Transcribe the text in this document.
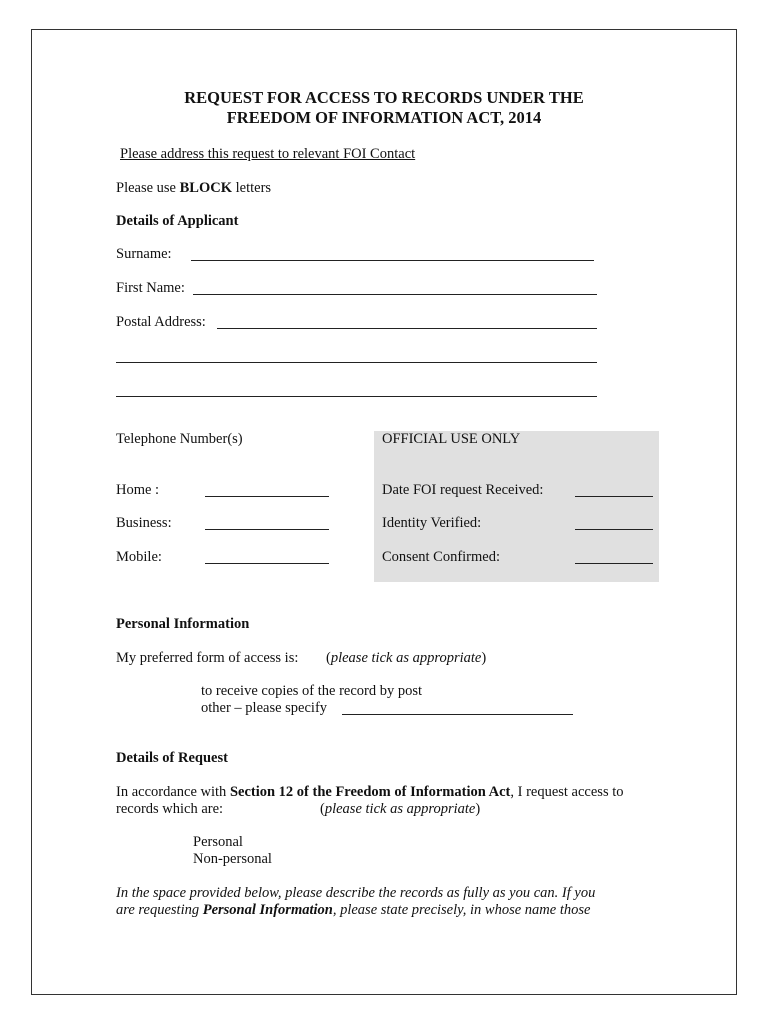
REQUEST FOR ACCESS TO RECORDS UNDER THE
FREEDOM OF INFORMATION ACT, 2014
Please address this request to relevant FOI Contact
Please use BLOCK letters
Details of Applicant
Surname:
First Name:
Postal Address:
Telephone Number(s)
Home :
Business:
Mobile:
OFFICIAL USE ONLY
Date FOI request Received:
Identity Verified:
Consent Confirmed:
Personal Information
My preferred form of access is: (please tick as appropriate)
to receive copies of the record by post
other – please specify
Details of Request
In accordance with Section 12 of the Freedom of Information Act, I request access to
records which are:	(please tick as appropriate)
Personal
Non-personal
In the space provided below, please describe the records as fully as you can. If you
are requesting Personal Information, please state precisely, in whose name those
